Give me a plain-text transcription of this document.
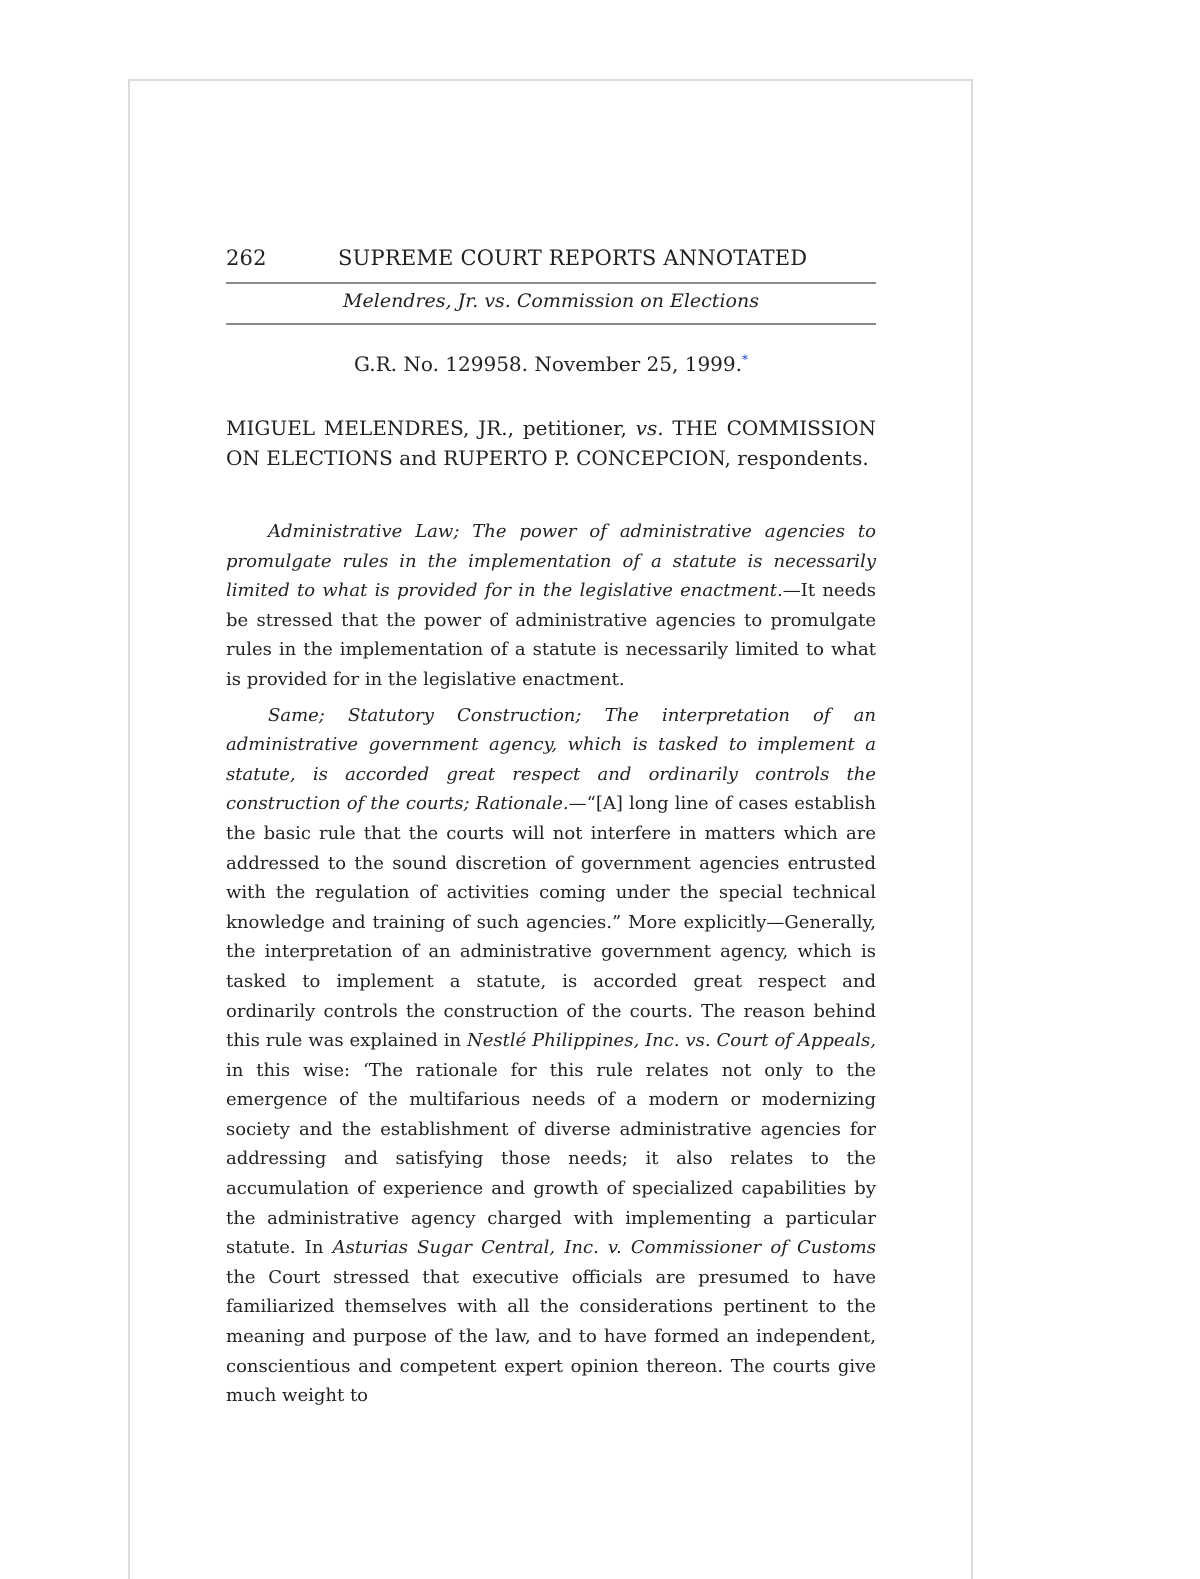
262	SUPREME COURT REPORTS ANNOTATED
Melendres, Jr. vs. Commission on Elections
G.R. No. 129958. November 25, 1999.*
MIGUEL MELENDRES, JR., petitioner, vs. THE COMMISSION ON ELECTIONS and RUPERTO P. CONCEPCION, respondents.

Administrative Law; The power of administrative agencies to promulgate rules in the implementation of a statute is necessarily limited to what is provided for in the legislative enactment.—It needs be stressed that the power of administrative agencies to promulgate rules in the implementation of a statute is necessarily limited to what is provided for in the legislative enactment.

Same; Statutory Construction; The interpretation of an administrative government agency, which is tasked to implement a statute, is accorded great respect and ordinarily controls the construction of the courts; Rationale.—“[A] long line of cases establish the basic rule that the courts will not interfere in matters which are addressed to the sound discretion of government agencies entrusted with the regulation of activities coming under the special technical knowledge and training of such agencies.” More explicitly—Generally, the interpretation of an administrative government agency, which is tasked to implement a statute, is accorded great respect and ordinarily controls the construction of the courts. The reason behind this rule was explained in Nestlé Philippines, Inc. vs. Court of Appeals, in this wise: ‘The rationale for this rule relates not only to the emergence of the multifarious needs of a modern or modernizing society and the establishment of diverse administrative agencies for addressing and satisfying those needs; it also relates to the accumulation of experience and growth of specialized capabilities by the administrative agency charged with implementing a particular statute. In Asturias Sugar Central, Inc. v. Commissioner of Customs the Court stressed that executive officials are presumed to have familiarized themselves with all the considerations pertinent to the meaning and purpose of the law, and to have formed an independent, conscientious and competent expert opinion thereon. The courts give much weight to
